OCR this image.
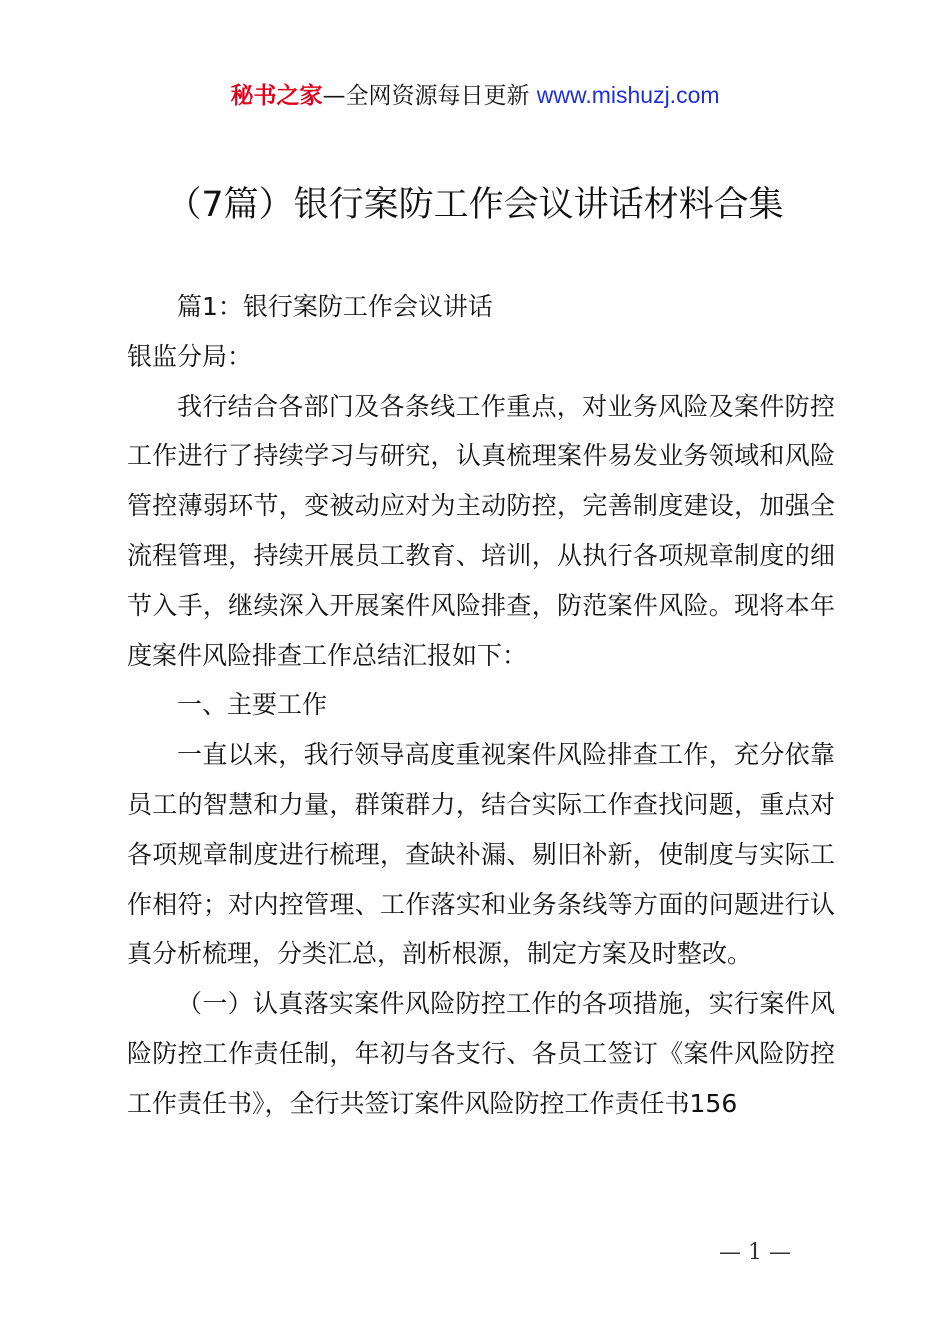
秘书之家—全网资源每日更新 www.mishuzj.com
（7篇）银行案防工作会议讲话材料合集

篇1：银行案防工作会议讲话

银监分局：

我行结合各部门及各条线工作重点，对业务风险及案件防控工作进行了持续学习与研究，认真梳理案件易发业务领域和风险管控薄弱环节，变被动应对为主动防控，完善制度建设，加强全流程管理，持续开展员工教育、培训，从执行各项规章制度的细节入手，继续深入开展案件风险排查，防范案件风险。现将本年度案件风险排查工作总结汇报如下：

一、主要工作

一直以来，我行领导高度重视案件风险排查工作，充分依靠员工的智慧和力量，群策群力，结合实际工作查找问题，重点对各项规章制度进行梳理，查缺补漏、剔旧补新，使制度与实际工作相符；对内控管理、工作落实和业务条线等方面的问题进行认真分析梳理，分类汇总，剖析根源，制定方案及时整改。

（一）认真落实案件风险防控工作的各项措施，实行案件风险防控工作责任制，年初与各支行、各员工签订《案件风险防控工作责任书》，全行共签订案件风险防控工作责任书156

— 1 —
